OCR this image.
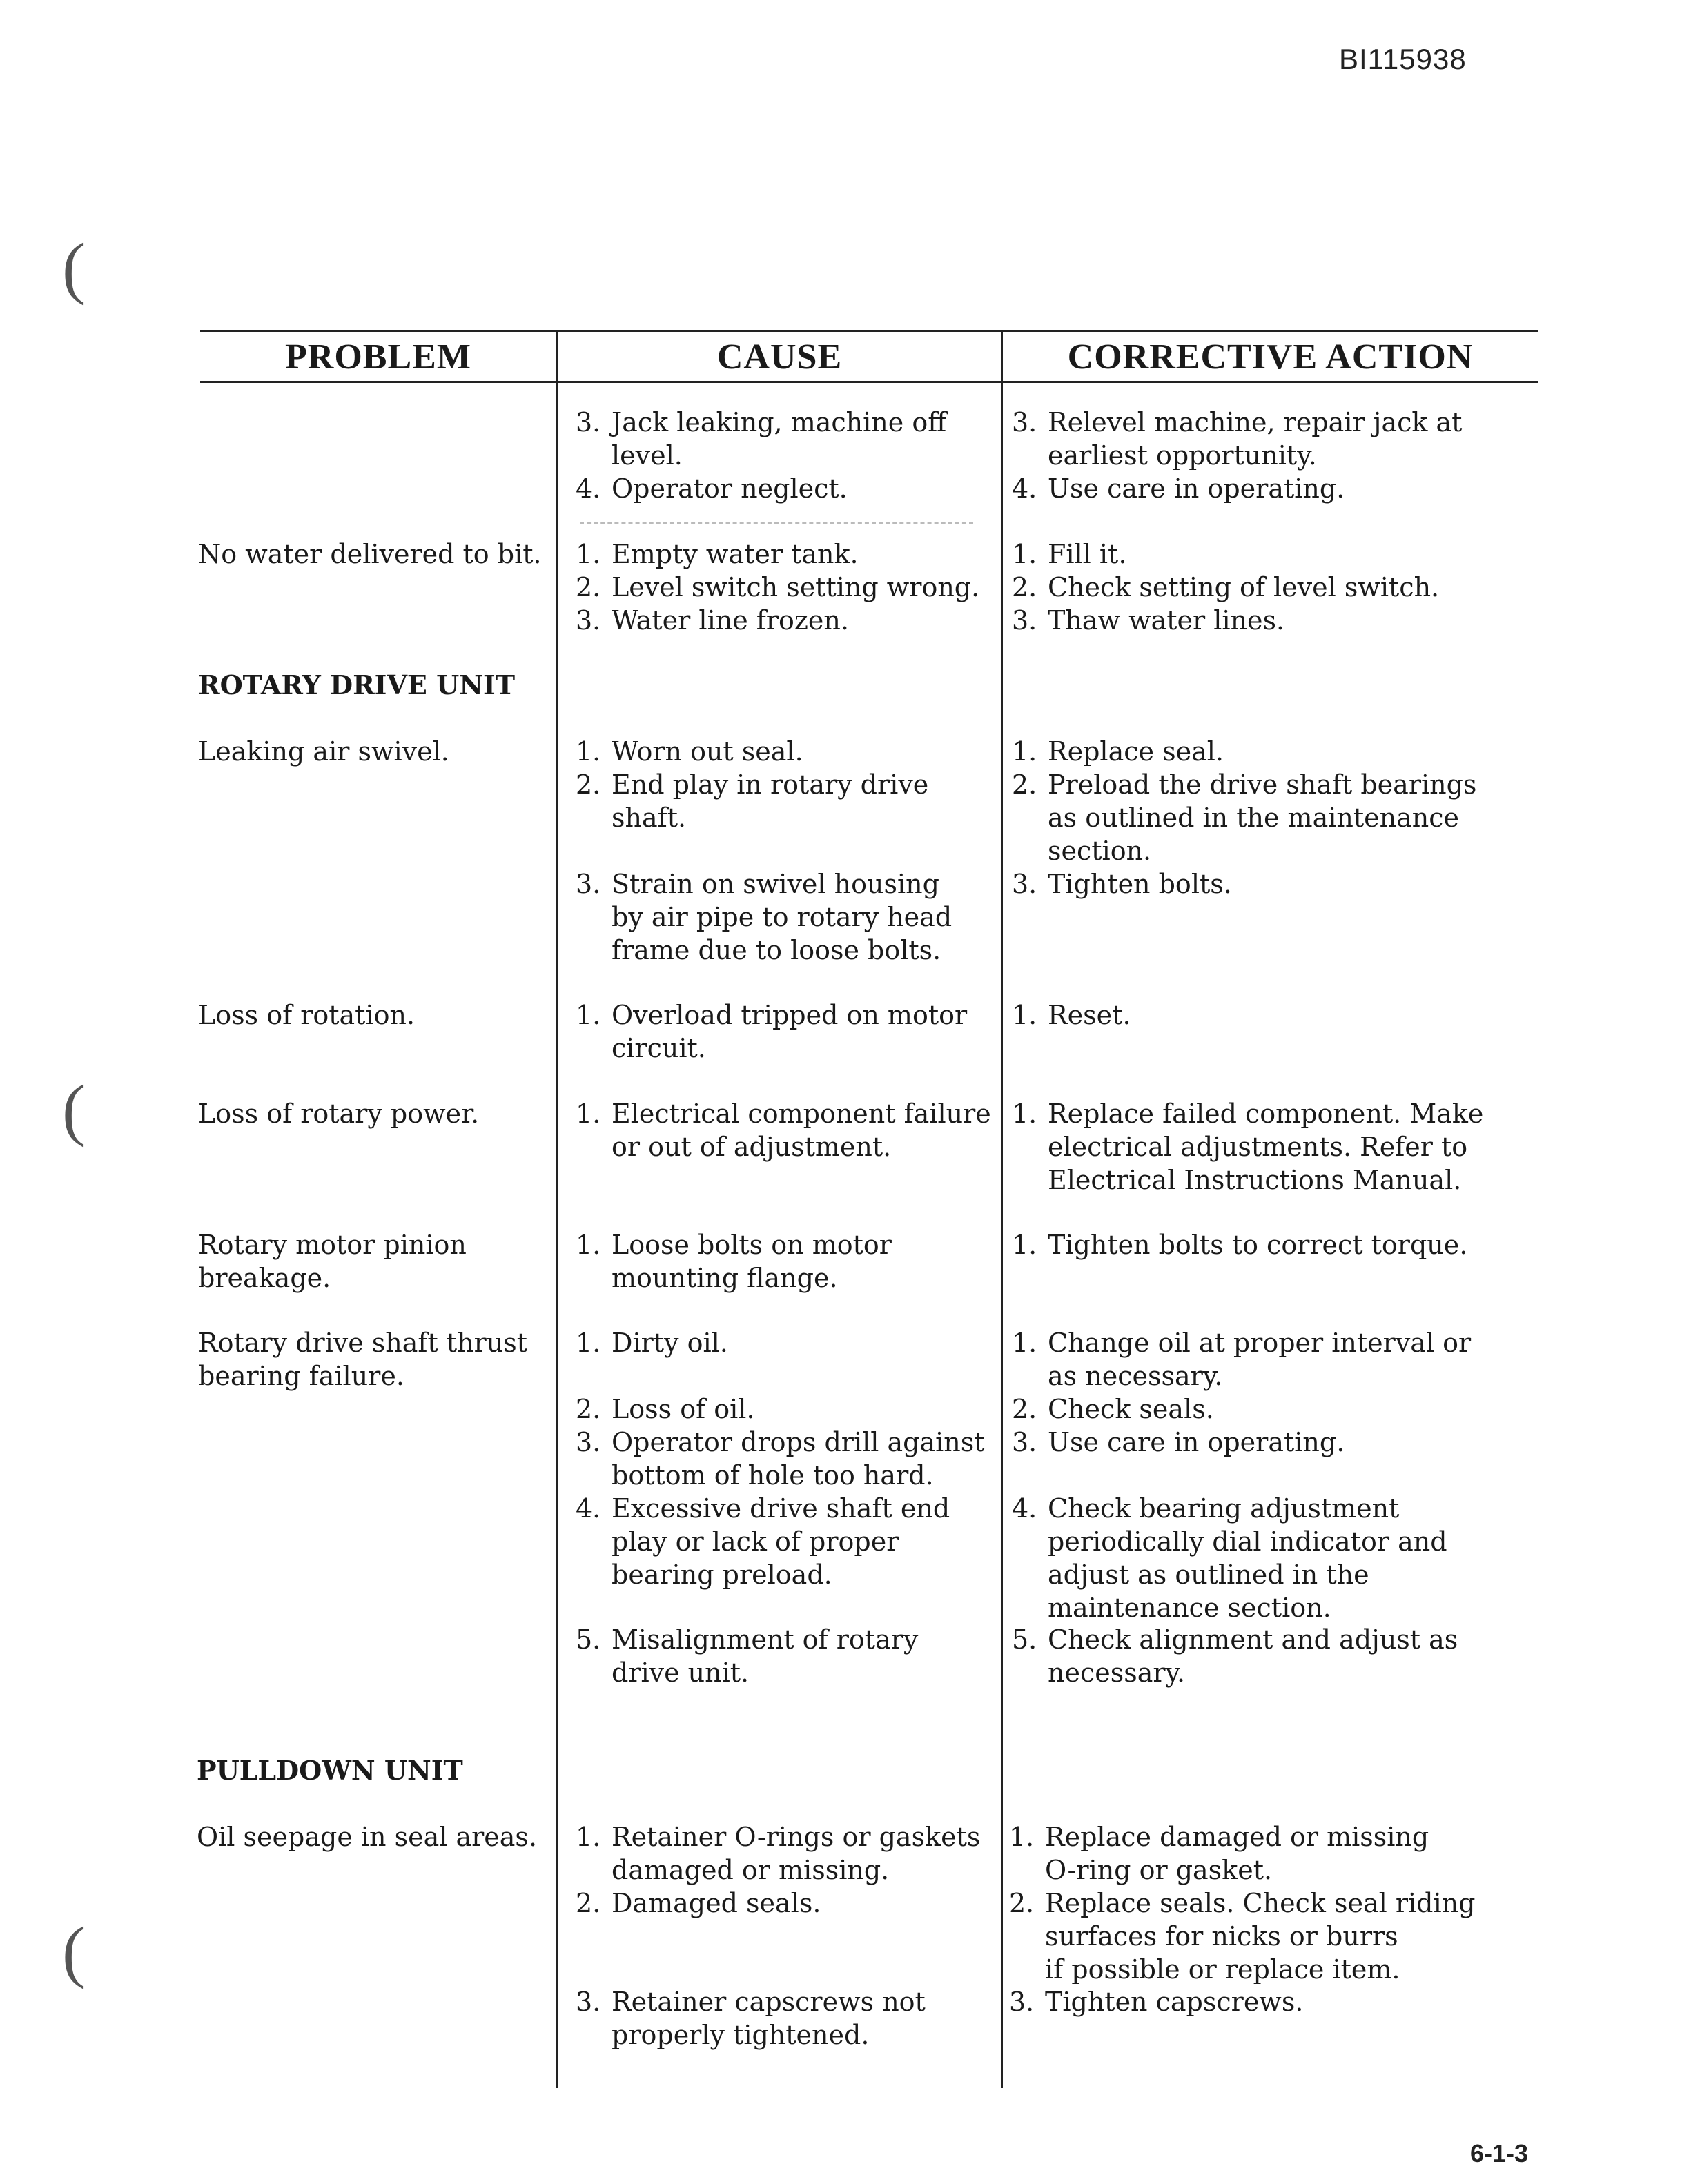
BI115938
(
(
(
PROBLEM	CAUSE	CORRECTIVE ACTION
No water delivered to bit.
ROTARY DRIVE UNIT
Leaking air swivel.
Loss of rotation.
Loss of rotary power.
Rotary motor pinion
breakage.
Rotary drive shaft thrust
bearing failure.
PULLDOWN UNIT
Oil seepage in seal areas.
3. Jack leaking, machine off
level.
4. Operator neglect.
1. Empty water tank.
2. Level switch setting wrong.
3. Water line frozen.
1. Worn out seal.
2. End play in rotary drive
shaft.
3. Strain on swivel housing
by air pipe to rotary head
frame due to loose bolts.
1. Overload tripped on motor
circuit.
1. Electrical component failure
or out of adjustment.
1. Loose bolts on motor
mounting flange.
1. Dirty oil.
2. Loss of oil.
3. Operator drops drill against
bottom of hole too hard.
4. Excessive drive shaft end
play or lack of proper
bearing preload.
5. Misalignment of rotary
drive unit.
1. Retainer O-rings or gaskets
damaged or missing.
2. Damaged seals.
3. Retainer capscrews not
properly tightened.
3. Relevel machine, repair jack at
earliest opportunity.
4. Use care in operating.
1. Fill it.
2. Check setting of level switch.
3. Thaw water lines.
1. Replace seal.
2. Preload the drive shaft bearings
as outlined in the maintenance
section.
3. Tighten bolts.
1. Reset.
1. Replace failed component. Make
electrical adjustments. Refer to
Electrical Instructions Manual.
1. Tighten bolts to correct torque.
1. Change oil at proper interval or
as necessary.
2. Check seals.
3. Use care in operating.
4. Check bearing adjustment
periodically dial indicator and
adjust as outlined in the
maintenance section.
5. Check alignment and adjust as
necessary.
1. Replace damaged or missing
O-ring or gasket.
2. Replace seals. Check seal riding
surfaces for nicks or burrs
if possible or replace item.
3. Tighten capscrews.
6-1-3
